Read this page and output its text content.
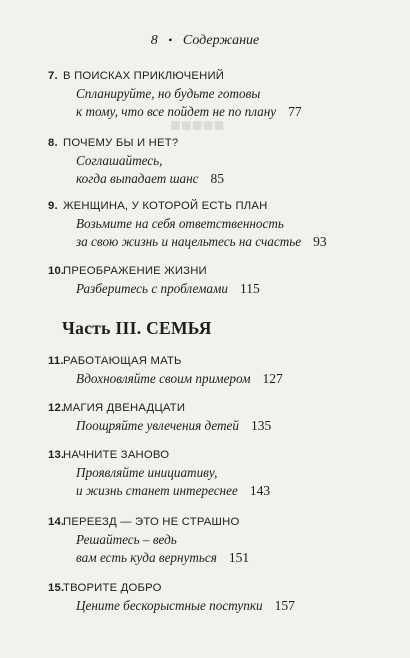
8 • Содержание
■■■■■
7. В ПОИСКАХ ПРИКЛЮЧЕНИЙ
Спланируйте, но будьте готовы
к тому, что все пойдет не по плану 77
8. ПОЧЕМУ БЫ И НЕТ?
Соглашайтесь,
когда выпадает шанс 85
9. ЖЕНЩИНА, У КОТОРОЙ ЕСТЬ ПЛАН
Возьмите на себя ответственность
за свою жизнь и нацельтесь на счастье 93
10.ПРЕОБРАЖЕНИЕ ЖИЗНИ
Разберитесь с проблемами 115
Часть III. СЕМЬЯ
11.РАБОТАЮЩАЯ МАТЬ
Вдохновляйте своим примером 127
12.МАГИЯ ДВЕНАДЦАТИ
Поощряйте увлечения детей 135
13.НАЧНИТЕ ЗАНОВО
Проявляйте инициативу,
и жизнь станет интереснее 143
14.ПЕРЕЕЗД — ЭТО НЕ СТРАШНО
Решайтесь – ведь
вам есть куда вернуться 151
15.ТВОРИТЕ ДОБРО
Цените бескорыстные поступки 157
